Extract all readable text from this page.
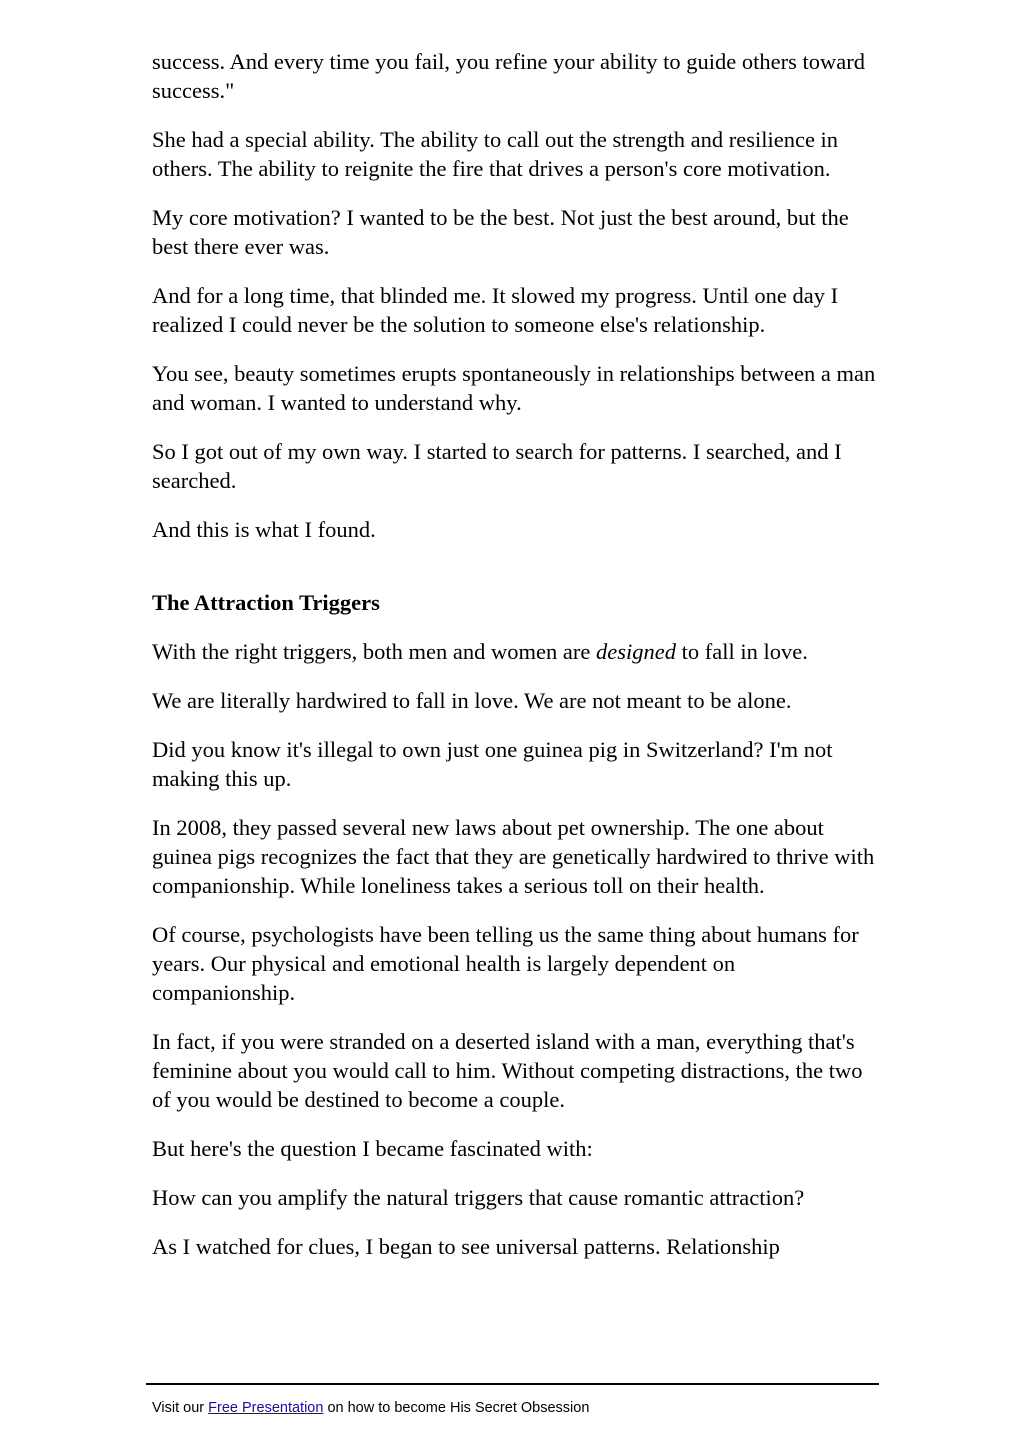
success. And every time you fail, you refine your ability to guide others toward success."

She had a special ability. The ability to call out the strength and resilience in others. The ability to reignite the fire that drives a person's core motivation.

My core motivation? I wanted to be the best. Not just the best around, but the best there ever was.

And for a long time, that blinded me. It slowed my progress. Until one day I realized I could never be the solution to someone else's relationship.

You see, beauty sometimes erupts spontaneously in relationships between a man and woman. I wanted to understand why.

So I got out of my own way. I started to search for patterns. I searched, and I searched.

And this is what I found.

The Attraction Triggers

With the right triggers, both men and women are designed to fall in love.

We are literally hardwired to fall in love. We are not meant to be alone.

Did you know it's illegal to own just one guinea pig in Switzerland? I'm not making this up.

In 2008, they passed several new laws about pet ownership. The one about guinea pigs recognizes the fact that they are genetically hardwired to thrive with companionship. While loneliness takes a serious toll on their health.

Of course, psychologists have been telling us the same thing about humans for years. Our physical and emotional health is largely dependent on companionship.

In fact, if you were stranded on a deserted island with a man, everything that's feminine about you would call to him. Without competing distractions, the two of you would be destined to become a couple.

But here's the question I became fascinated with:

How can you amplify the natural triggers that cause romantic attraction?

As I watched for clues, I began to see universal patterns. Relationship

Visit our Free Presentation on how to become His Secret Obsession
